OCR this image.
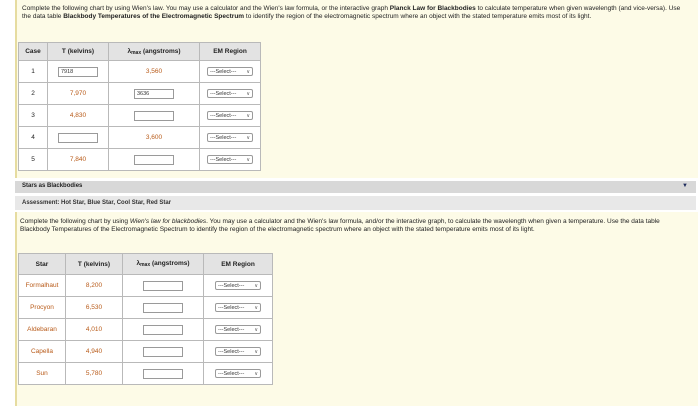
Complete the following chart by using Wien's law. You may use a calculator and the Wien's law formula, or the interactive graph Planck Law for Blackbodies to calculate temperature when given wavelength (and vice-versa). Use the data table Blackbody Temperatures of the Electromagnetic Spectrum to identify the region of the electromagnetic spectrum where an object with the stated temperature emits most of its light.
Case	T (kelvins)	$\lambda_{max}$ (angstroms)	EM Region
1	7918	3,560	---Select--- ∨

2	7,970	3636	---Select--- ∨

3	4,830		---Select--- ∨

4		3,600	---Select--- ∨

5	7,840		---Select--- ∨
Stars as Blackbodies	▼
Assessment: Hot Star, Blue Star, Cool Star, Red Star
Complete the following chart by using Wien's law for blackbodies. You may use a calculator and the Wien's law formula, and/or the interactive graph, to calculate the wavelength when given a temperature. Use the data table Blackbody Temperatures of the Electromagnetic Spectrum to identify the region of the electromagnetic spectrum where an object with the stated temperature emits most of its light.
Star	T (kelvins)	$\lambda_{max}$ (angstroms)	EM Region
Formalhaut	8,200		---Select--- ∨

Procyon	6,530		---Select--- ∨

Aldebaran	4,010		---Select--- ∨

Capella	4,940		---Select--- ∨

Sun	5,780		---Select--- ∨
